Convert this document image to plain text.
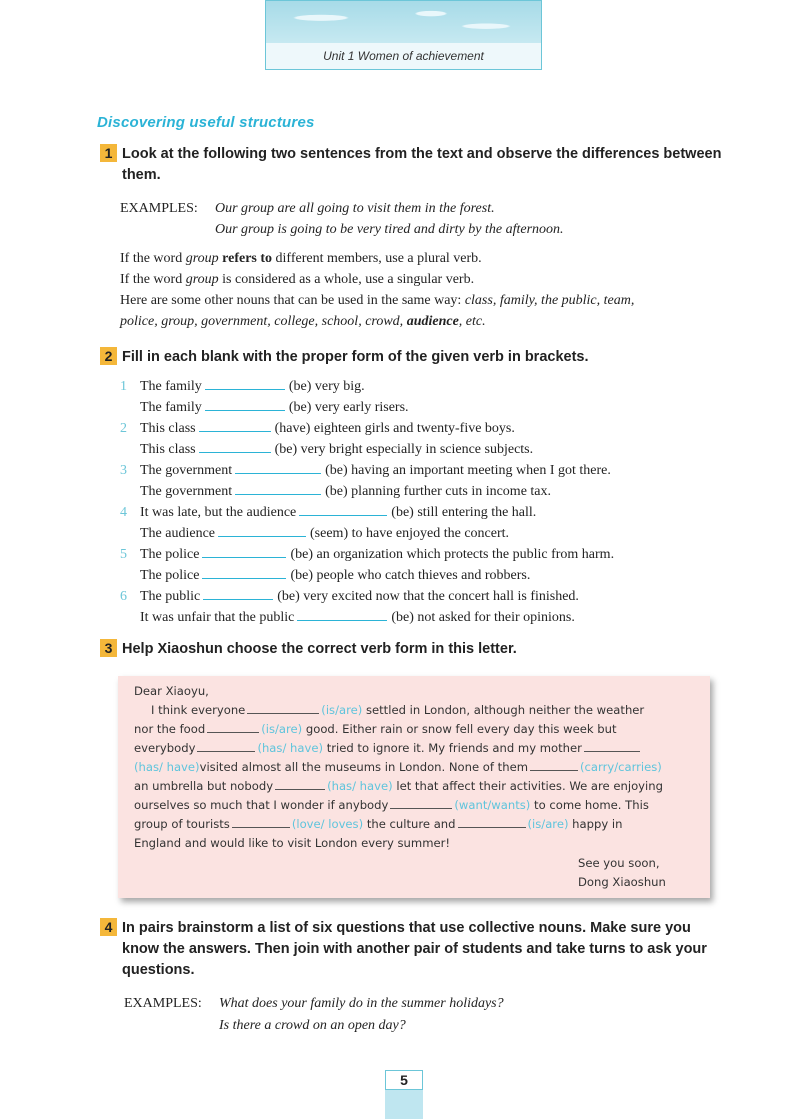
Unit 1 Women of achievement
Discovering useful structures
1 Look at the following two sentences from the text and observe the differences between them.

EXAMPLES: Our group are all going to visit them in the forest.

Our group is going to be very tired and dirty by the afternoon.

If the word group refers to different members, use a plural verb.

If the word group is considered as a whole, use a singular verb.

Here are some other nouns that can be used in the same way: class, family, the public, team,

police, group, government, college, school, crowd, audience, etc.

2 Fill in each blank with the proper form of the given verb in brackets.

1 The family	(be) very big.

The family	(be) very early risers.

2 This class	(have) eighteen girls and twenty-five boys.

This class	(be) very bright especially in science subjects.

3 The government	(be) having an important meeting when I got there.

The government	(be) planning further cuts in income tax.

4 It was late, but the audience	(be) still entering the hall.

The audience	(seem) to have enjoyed the concert.

5 The police	(be) an organization which protects the public from harm.

The police	(be) people who catch thieves and robbers.

6 The public	(be) very excited now that the concert hall is finished.

It was unfair that the public	(be) not asked for their opinions.

3 Help Xiaoshun choose the correct verb form in this letter.
Dear Xiaoyu,
I think everyone	(is/are) settled in London, although neither the weather
nor the food	(is/are) good. Either rain or snow fell every day this week but
everybody	(has/ have) tried to ignore it. My friends and my mother
(has/ have)visited almost all the museums in London. None of them	(carry/carries)
an umbrella but nobody	(has/ have) let that affect their activities. We are enjoying
ourselves so much that I wonder if anybody	(want/wants) to come home. This
group of tourists	(love/ loves) the culture and	(is/are) happy in
England and would like to visit London every summer!
See you soon,
Dong Xiaoshun
4 In pairs brainstorm a list of six questions that use collective nouns. Make sure you know the answers. Then join with another pair of students and take turns to ask your questions.

EXAMPLES: What does your family do in the summer holidays?

Is there a crowd on an open day?

5
